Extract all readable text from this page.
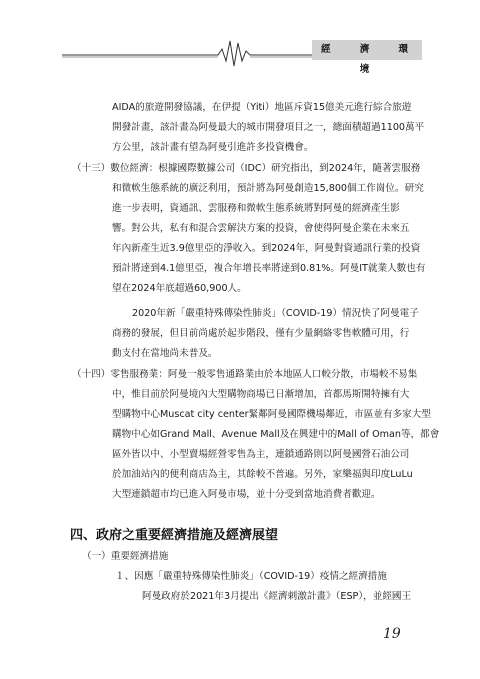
經 濟 環 境
AIDA的旅遊開發協議，在伊提（Yiti）地區斥資15億美元進行綜合旅遊
開發計畫，該計畫為阿曼最大的城市開發項目之一，總面積超過1100萬平
方公里，該計畫有望為阿曼引進許多投資機會。
（十三）數位經濟：根據國際數據公司（IDC）研究指出，到2024年，隨著雲服務
和微軟生態系統的廣泛利用，預計將為阿曼創造15,800個工作崗位。研究
進一步表明，資通訊、雲服務和微軟生態系統將對阿曼的經濟產生影
響。對公共，私有和混合雲解決方案的投資，會使得阿曼企業在未來五
年內新產生近3.9億里亞的淨收入。到2024年，阿曼對資通訊行業的投資
預計將達到4.1億里亞，複合年增長率將達到0.81%。阿曼IT就業人數也有
望在2024年底超過60,900人。
2020年新「嚴重特殊傳染性肺炎」（COVID-19）情況快了阿曼電子
商務的發展，但目前尚處於起步階段，僅有少量網絡零售軟體可用，行
動支付在當地尚未普及。
（十四）零售服務業：阿曼一般零售通路業由於本地區人口較分散，市場較不易集
中，惟目前於阿曼境內大型購物商場已日漸增加，首都馬斯開特擁有大
型購物中心Muscat city center緊鄰阿曼國際機場鄰近，市區並有多家大型
購物中心如Grand Mall、Avenue Mall及在興建中的Mall of Oman等，都會
區外皆以中、小型賣場經營零售為主，連鎖通路則以阿曼國營石油公司
於加油站內的便利商店為主，其餘較不普遍。另外，家樂福與印度LuLu
大型連鎖超市均已進入阿曼市場，並十分受到當地消費者歡迎。
四、政府之重要經濟措施及經濟展望
（一）重要經濟措施
１、因應「嚴重特殊傳染性肺炎」（COVID-19）疫情之經濟措施
阿曼政府於2021年3月提出《經濟刺激計畫》（ESP），並經國王
19
